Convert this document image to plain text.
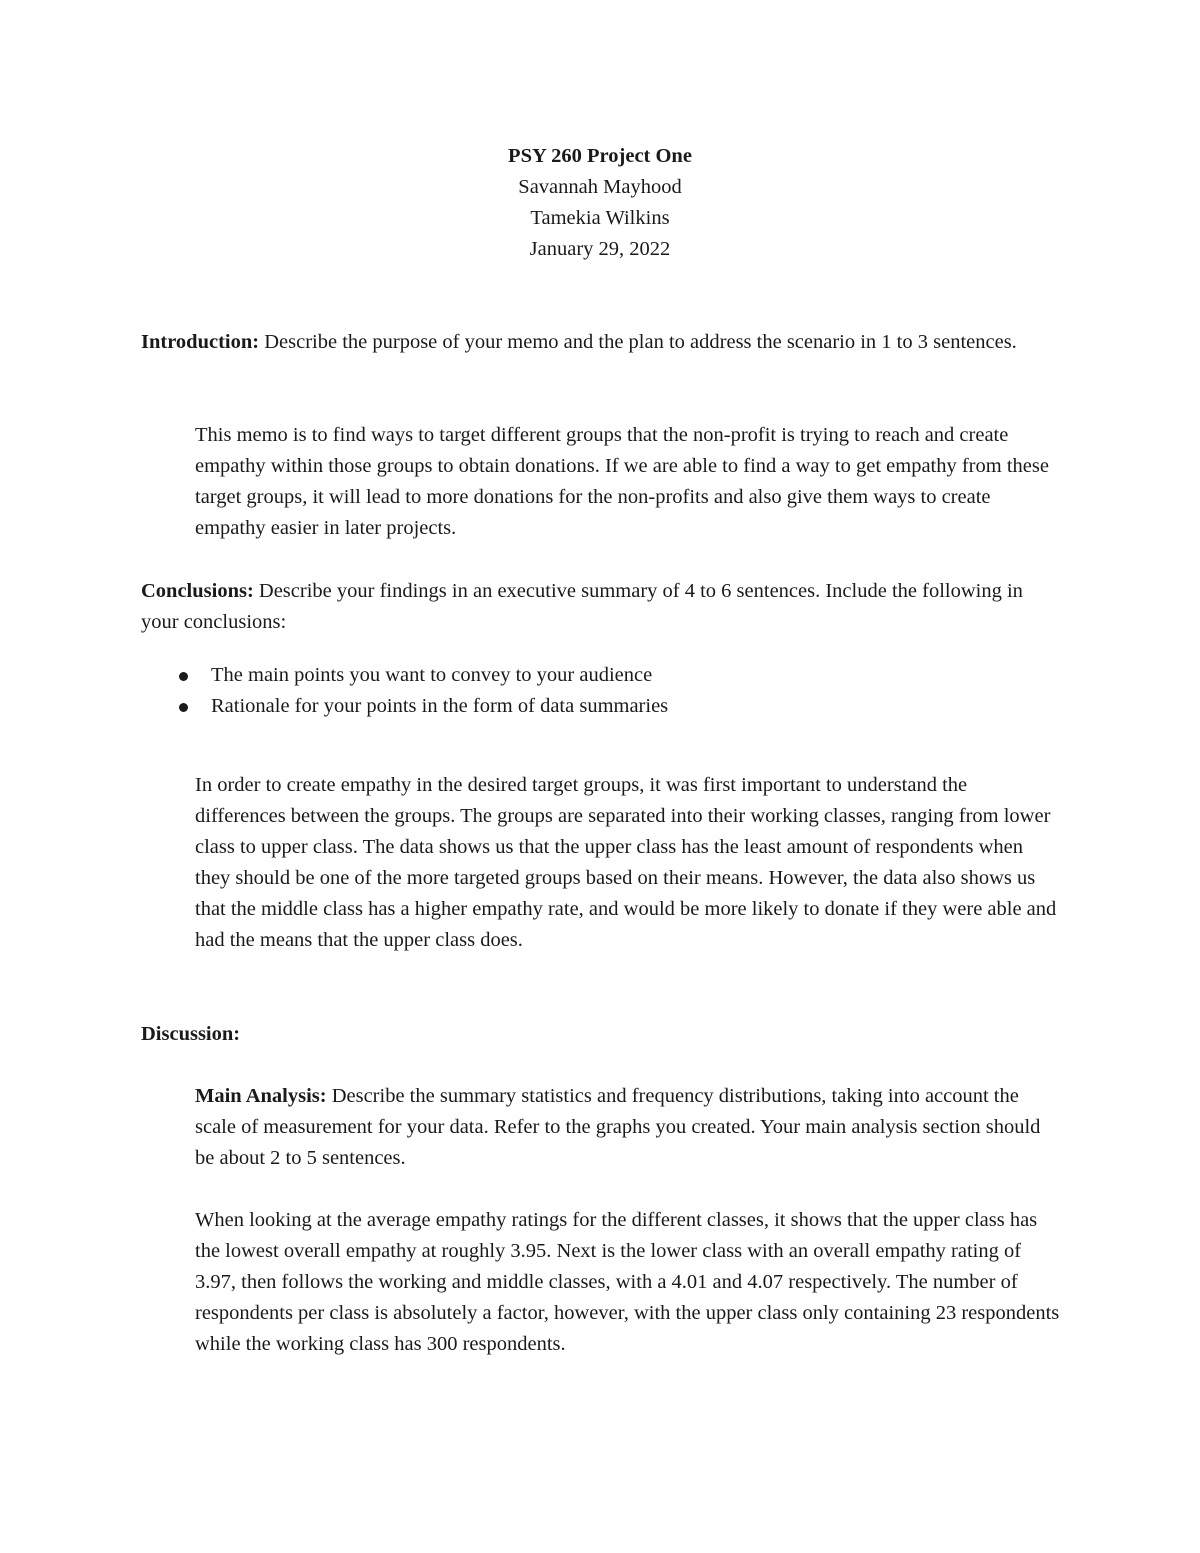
PSY 260 Project One
Savannah Mayhood
Tamekia Wilkins
January 29, 2022

Introduction: Describe the purpose of your memo and the plan to address the scenario in 1 to 3 sentences.

This memo is to find ways to target different groups that the non-profit is trying to reach and create empathy within those groups to obtain donations. If we are able to find a way to get empathy from these target groups, it will lead to more donations for the non-profits and also give them ways to create empathy easier in later projects.

Conclusions: Describe your findings in an executive summary of 4 to 6 sentences. Include the following in your conclusions:

The main points you want to convey to your audience
Rationale for your points in the form of data summaries

In order to create empathy in the desired target groups, it was first important to understand the differences between the groups. The groups are separated into their working classes, ranging from lower class to upper class. The data shows us that the upper class has the least amount of respondents when they should be one of the more targeted groups based on their means. However, the data also shows us that the middle class has a higher empathy rate, and would be more likely to donate if they were able and had the means that the upper class does.

Discussion:

Main Analysis: Describe the summary statistics and frequency distributions, taking into account the scale of measurement for your data. Refer to the graphs you created. Your main analysis section should be about 2 to 5 sentences.

When looking at the average empathy ratings for the different classes, it shows that the upper class has the lowest overall empathy at roughly 3.95. Next is the lower class with an overall empathy rating of 3.97, then follows the working and middle classes, with a 4.01 and 4.07 respectively. The number of respondents per class is absolutely a factor, however, with the upper class only containing 23 respondents while the working class has 300 respondents.
